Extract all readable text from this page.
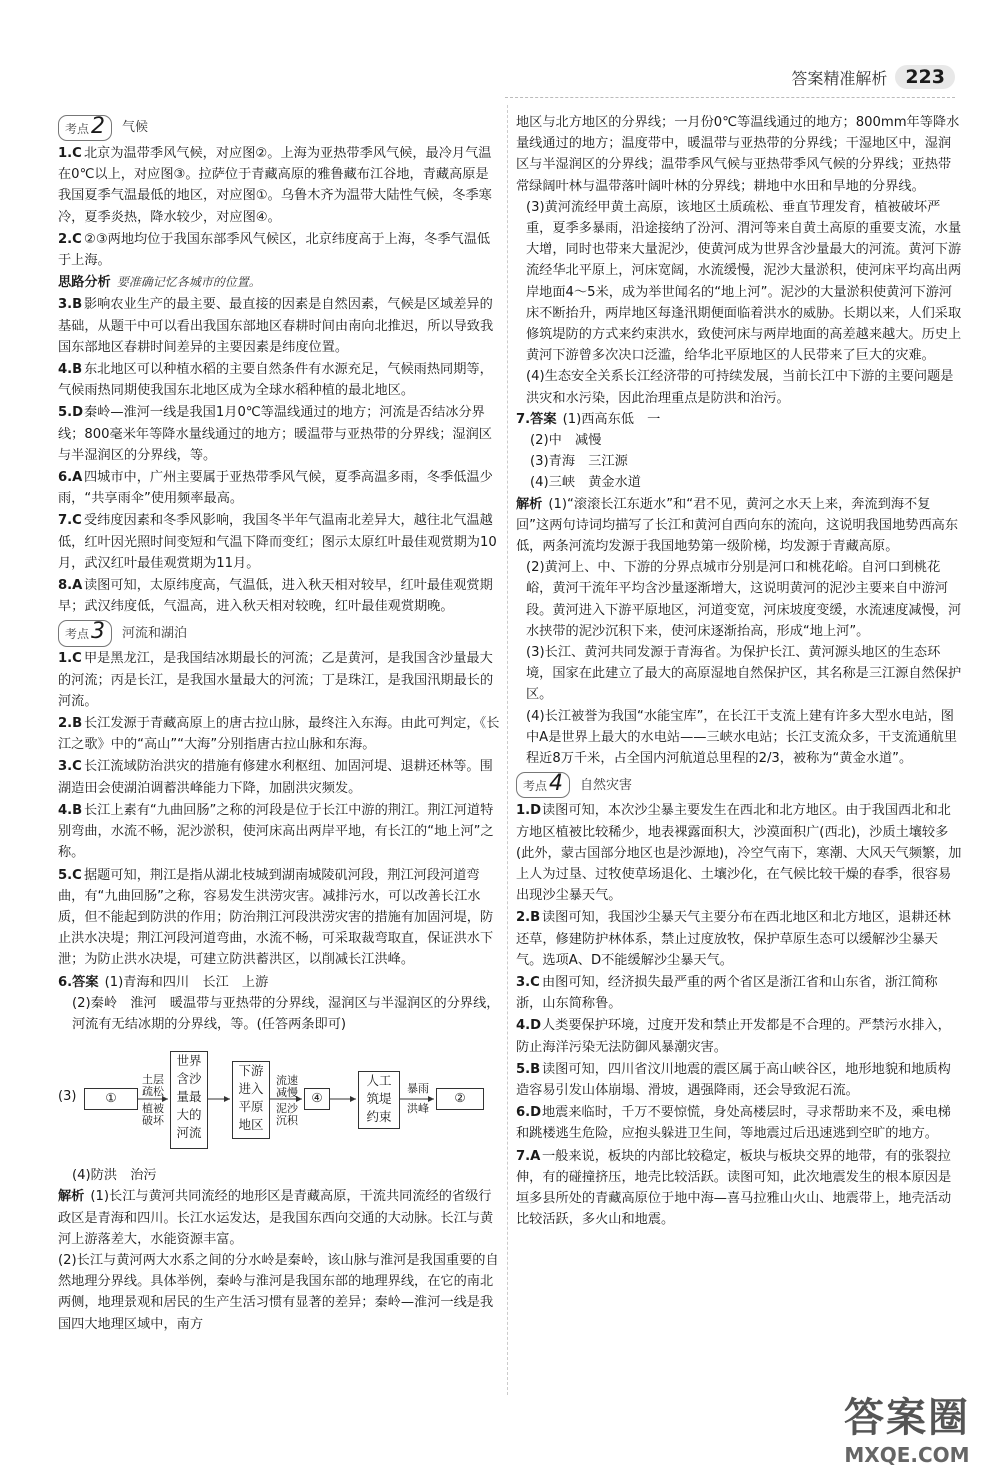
答案精准解析 223
考点 2 气候

1.C 北京为温带季风气候，对应图②。上海为亚热带季风气候，最冷月气温在0℃以上，对应图③。拉萨位于青藏高原的雅鲁藏布江谷地，青藏高原是我国夏季气温最低的地区，对应图①。乌鲁木齐为温带大陆性气候，冬季寒冷，夏季炎热，降水较少，对应图④。

2.C ②③两地均位于我国东部季风气候区，北京纬度高于上海，冬季气温低于上海。

思路分析 要准确记忆各城市的位置。

3.B 影响农业生产的最主要、最直接的因素是自然因素，气候是区域差异的基础，从题干中可以看出我国东部地区春耕时间由南向北推迟，所以导致我国东部地区春耕时间差异的主要因素是纬度位置。

4.B 东北地区可以种植水稻的主要自然条件有水源充足，气候雨热同期等，气候雨热同期使我国东北地区成为全球水稻种植的最北地区。

5.D秦岭—淮河一线是我国1月0℃等温线通过的地方；河流是否结冰分界线；800毫米年等降水量线通过的地方；暖温带与亚热带的分界线；湿润区与半湿润区的分界线，等。

6.A 四城市中，广州主要属于亚热带季风气候，夏季高温多雨，冬季低温少雨，“共享雨伞”使用频率最高。

7.C 受纬度因素和冬季风影响，我国冬半年气温南北差异大，越往北气温越低，红叶因光照时间变短和气温下降而变红；图示太原红叶最佳观赏期为10月，武汉红叶最佳观赏期为11月。

8.A 读图可知，太原纬度高，气温低，进入秋天相对较早，红叶最佳观赏期早；武汉纬度低，气温高，进入秋天相对较晚，红叶最佳观赏期晚。

考点 3 河流和湖泊

1.C 甲是黑龙江，是我国结冰期最长的河流；乙是黄河，是我国含沙量最大的河流；丙是长江，是我国水量最大的河流；丁是珠江，是我国汛期最长的河流。

2.B 长江发源于青藏高原上的唐古拉山脉，最终注入东海。由此可判定，《长江之歌》中的“高山”“大海”分别指唐古拉山脉和东海。

3.C 长江流域防治洪灾的措施有修建水利枢纽、加固河堤、退耕还林等。围湖造田会使湖泊调蓄洪峰能力下降，加剧洪灾频发。

4.B 长江上素有“九曲回肠”之称的河段是位于长江中游的荆江。荆江河道特别弯曲，水流不畅，泥沙淤积，使河床高出两岸平地，有长江的“地上河”之称。

5.C 据题可知，荆江是指从湖北枝城到湖南城陵矶河段，荆江河段河道弯曲，有“九曲回肠”之称，容易发生洪涝灾害。减排污水，可以改善长江水质，但不能起到防洪的作用；防治荆江河段洪涝灾害的措施有加固河堤，防止洪水决堤；荆江河段河道弯曲，水流不畅，可采取裁弯取直，保证洪水下泄；为防止洪水决堤，可建立防洪蓄洪区，以削减长江洪峰。

6.答案 (1)青海和四川　长江　上游

(2)秦岭　淮河　暖温带与亚热带的分界线，湿润区与半湿润区的分界线，河流有无结冰期的分界线，等。(任答两条即可)

(3)	①
土层
疏松
植被
破坏
世界
含沙
量最
大的
河流
下游
进入
平原
地区
流速
减慢
泥沙
沉积
④
人工
筑堤
约束
暴雨
洪峰
②

(4)防洪　治污

解析 (1)长江与黄河共同流经的地形区是青藏高原，干流共同流经的省级行政区是青海和四川。长江水运发达，是我国东西向交通的大动脉。长江与黄河上游落差大，水能资源丰富。

(2)长江与黄河两大水系之间的分水岭是秦岭，该山脉与淮河是我国重要的自然地理分界线。具体举例，秦岭与淮河是我国东部的地理界线，在它的南北两侧，地理景观和居民的生产生活习惯有显著的差异；秦岭—淮河一线是我国四大地理区域中，南方

地区与北方地区的分界线；一月份0℃等温线通过的地方；800mm年等降水量线通过的地方；温度带中，暖温带与亚热带的分界线；干湿地区中，湿润区与半湿润区的分界线；温带季风气候与亚热带季风气候的分界线；亚热带常绿阔叶林与温带落叶阔叶林的分界线；耕地中水田和旱地的分界线。

(3)黄河流经甲黄土高原，该地区土质疏松、垂直节理发育，植被破坏严重，夏季多暴雨，沿途接纳了汾河、渭河等来自黄土高原的重要支流，水量大增，同时也带来大量泥沙，使黄河成为世界含沙量最大的河流。黄河下游流经华北平原上，河床宽阔，水流缓慢，泥沙大量淤积，使河床平均高出两岸地面4～5米，成为举世闻名的“地上河”。泥沙的大量淤积使黄河下游河床不断抬升，两岸地区每逢汛期便面临着洪水的威胁。长期以来，人们采取修筑堤防的方式来约束洪水，致使河床与两岸地面的高差越来越大。历史上黄河下游曾多次决口泛滥，给华北平原地区的人民带来了巨大的灾难。

(4)生态安全关系长江经济带的可持续发展，当前长江中下游的主要问题是洪灾和水污染，因此治理重点是防洪和治污。

7.答案 (1)西高东低　一

(2)中　减慢

(3)青海　三江源

(4)三峡　黄金水道

解析 (1)“滚滚长江东逝水”和“君不见，黄河之水天上来，奔流到海不复回”这两句诗词均描写了长江和黄河自西向东的流向，这说明我国地势西高东低，两条河流均发源于我国地势第一级阶梯，均发源于青藏高原。

(2)黄河上、中、下游的分界点城市分别是河口和桃花峪。自河口到桃花峪，黄河干流年平均含沙量逐渐增大，这说明黄河的泥沙主要来自中游河段。黄河进入下游平原地区，河道变宽，河床坡度变缓，水流速度减慢，河水挟带的泥沙沉积下来，使河床逐渐抬高，形成“地上河”。

(3)长江、黄河共同发源于青海省。为保护长江、黄河源头地区的生态环境，国家在此建立了最大的高原湿地自然保护区，其名称是三江源自然保护区。

(4)长江被誉为我国“水能宝库”，在长江干支流上建有许多大型水电站，图中A是世界上最大的水电站——三峡水电站；长江支流众多，干支流通航里程近8万千米，占全国内河航道总里程的2/3，被称为“黄金水道”。

考点 4 自然灾害

1.D读图可知，本次沙尘暴主要发生在西北和北方地区。由于我国西北和北方地区植被比较稀少，地表裸露面积大，沙漠面积广(西北)，沙质土壤较多(此外，蒙古国部分地区也是沙源地)，冷空气南下，寒潮、大风天气频繁，加上人为过垦、过牧使草场退化、土壤沙化，在气候比较干燥的春季，很容易出现沙尘暴天气。

2.B 读图可知，我国沙尘暴天气主要分布在西北地区和北方地区，退耕还林还草，修建防护林体系，禁止过度放牧，保护草原生态可以缓解沙尘暴天气。选项A、D不能缓解沙尘暴天气。

3.C 由图可知，经济损失最严重的两个省区是浙江省和山东省，浙江简称浙，山东简称鲁。

4.D人类要保护环境，过度开发和禁止开发都是不合理的。严禁污水排入，防止海洋污染无法防御风暴潮灾害。

5.B 读图可知，四川省汶川地震的震区属于高山峡谷区，地形地貌和地质构造容易引发山体崩塌、滑坡，遇强降雨，还会导致泥石流。

6.D地震来临时，千万不要惊慌，身处高楼层时，寻求帮助来不及，乘电梯和跳楼逃生危险，应抱头躲进卫生间，等地震过后迅速逃到空旷的地方。

7.A 一般来说，板块的内部比较稳定，板块与板块交界的地带，有的张裂拉伸，有的碰撞挤压，地壳比较活跃。读图可知，此次地震发生的根本原因是垣多县所处的青藏高原位于地中海—喜马拉雅山火山、地震带上，地壳活动比较活跃，多火山和地震。

答案圈
MXQE.COM
